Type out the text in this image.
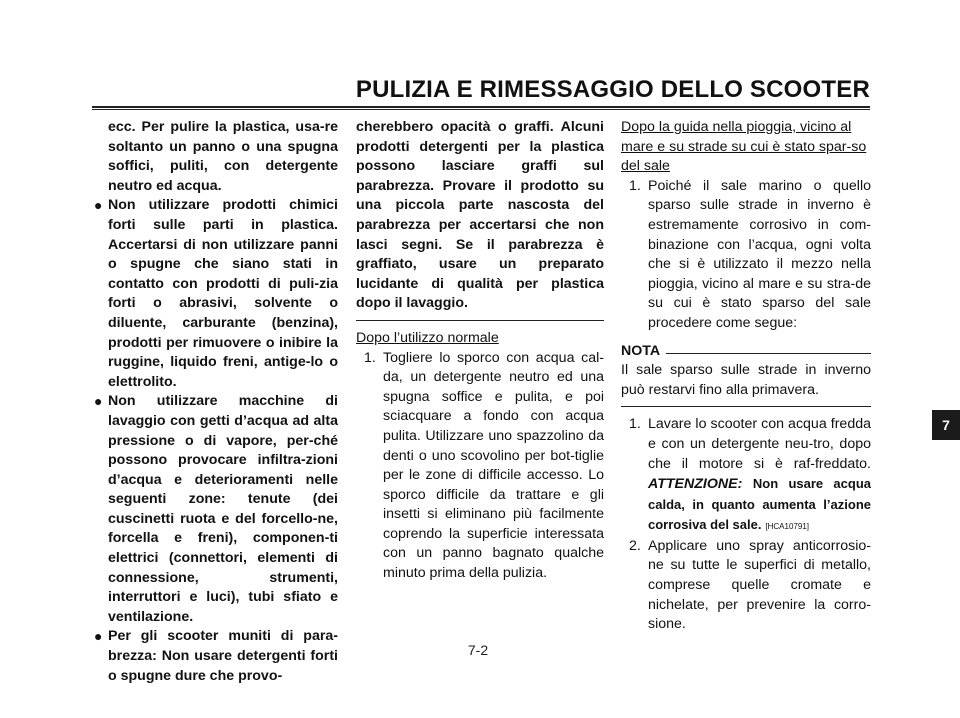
PULIZIA E RIMESSAGGIO DELLO SCOOTER
ecc. Per pulire la plastica, usa-re soltanto un panno o una spugna soffici, puliti, con detergente neutro ed acqua.
● Non utilizzare prodotti chimici forti sulle parti in plastica. Accertarsi di non utilizzare panni o spugne che siano stati in contatto con prodotti di puli-zia forti o abrasivi, solvente o diluente, carburante (benzina), prodotti per rimuovere o inibire la ruggine, liquido freni, antige-lo o elettrolito.
● Non utilizzare macchine di lavaggio con getti d’acqua ad alta pressione o di vapore, per-ché possono provocare infiltra-zioni d’acqua e deterioramenti nelle seguenti zone: tenute (dei cuscinetti ruota e del forcello-ne, forcella e freni), componen-ti elettrici (connettori, elementi di connessione, strumenti, interruttori e luci), tubi sfiato e ventilazione.
● Per gli scooter muniti di para-brezza: Non usare detergenti forti o spugne dure che provo-
cherebbero opacità o graffi. Alcuni prodotti detergenti per la plastica possono lasciare graffi sul parabrezza. Provare il prodotto su una piccola parte nascosta del parabrezza per accertarsi che non lasci segni. Se il parabrezza è graffiato, usare un preparato lucidante di qualità per plastica dopo il lavaggio.
Dopo l’utilizzo normale
1. Togliere lo sporco con acqua cal-da, un detergente neutro ed una spugna soffice e pulita, e poi sciacquare a fondo con acqua pulita. Utilizzare uno spazzolino da denti o uno scovolino per bot-tiglie per le zone di difficile accesso. Lo sporco difficile da trattare e gli insetti si eliminano più facilmente coprendo la superficie interessata con un panno bagnato qualche minuto prima della pulizia.
Dopo la guida nella pioggia, vicino al mare e su strade su cui è stato spar-so del sale
1. Poiché il sale marino o quello sparso sulle strade in inverno è estremamente corrosivo in com-binazione con l’acqua, ogni volta che si è utilizzato il mezzo nella pioggia, vicino al mare e su stra-de su cui è stato sparso del sale procedere come segue:
NOTA
Il sale sparso sulle strade in inverno può restarvi fino alla primavera.
1. Lavare lo scooter con acqua fredda e con un detergente neu-tro, dopo che il motore si è raf-freddato. ATTENZIONE: Non usare acqua calda, in quanto aumenta l’azione corrosiva del sale. [HCA10791]
2. Applicare uno spray anticorrosio-ne su tutte le superfici di metallo, comprese quelle cromate e nichelate, per prevenire la corro-sione.
7-2
7
